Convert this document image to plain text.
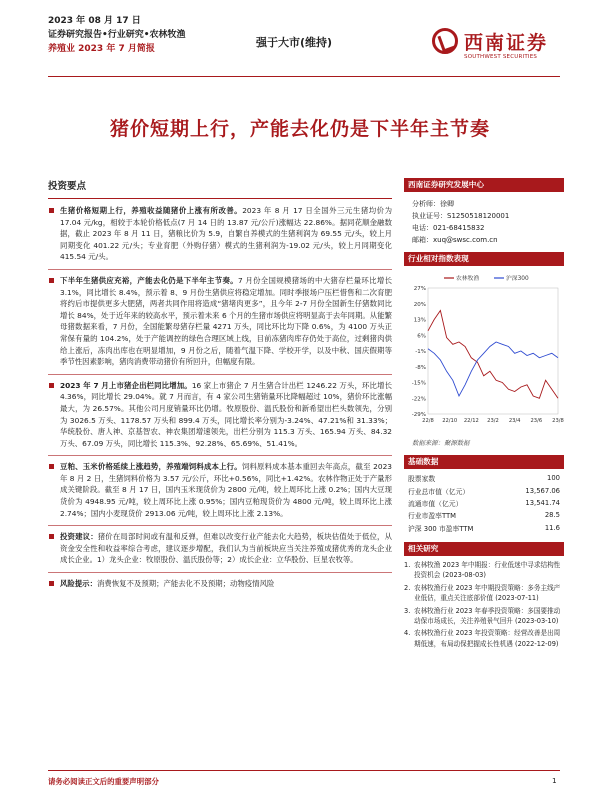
2023 年 08 月 17 日
证券研究报告•行业研究•农林牧渔
养殖业 2023 年 7 月简报	强于大市(维持)	西南证券
SOUTHWEST SECURITIES
猪价短期上行，产能去化仍是下半年主节奏
投资要点
生猪价格短期上行，养殖收益随猪价上涨有所改善。2023 年 8 月 17 日全国外三元生猪均价为 17.04 元/kg，相较于本轮价格低点(7 月 14 日的 13.87 元/公斤)涨幅达 22.86%。据同花顺金融数据，截止 2023 年 8 月 11 日，猪粮比价为 5.9，自繁自养模式的生猪利润为 69.55 元/头，较上月同期变化 401.22 元/头；专业育肥（外购仔猪）模式的生猪利润为-19.02 元/头，较上月同期变化 415.54 元/头。
下半年生猪供应充裕，产能去化仍是下半年主节奏。7 月份全国规模猪场的中大猪存栏量环比增长 3.1%，同比增长 8.4%，预示着 8、9 月份生猪供应将稳定增加。同时季报场户压栏惜售和二次育肥将约后市提供更多大肥猪，两者共同作用将造成“猪堵肉更多”，且今年 2-7 月份全国新生仔猪数同比增长 84%，处于近年来的较高水平，预示着未来 6 个月的生猪市场供应将明显高于去年同期。从能繁母猪数据来看，7 月份，全国能繁母猪存栏量 4271 万头，同比环比均下降 0.6%，为 4100 万头正常保有量的 104.2%，处于产能调控的绿色合理区域上线，目前冻猪肉库存仍处于高位，过剩猪肉供给上涨后，冻肉出库也在明显增加，9 月份之后，随着气温下降、学校开学，以及中秋、国庆假期等季节性因素影响，猪肉消费带动猪价有所回升，但幅度有限。
2023 年 7 月上市猪企出栏同比增加。16 家上市猪企 7 月生猪合计出栏 1246.22 万头，环比增长 4.36%，同比增长 29.04%。就 7 月而言，有 4 家公司生猪销量环比降幅超过 10%，猪价环比涨幅最大，为 26.57%。其他公司月度销量环比仍增。牧原股份、温氏股份和新希望出栏头数领先，分别为 3026.5 万头、1178.57 万头和 899.4 万头，同比增长率分别为-3.24%、47.21%和 31.33%；华统股份、唐人神、京基智农、神农集团增速领先，出栏分别为 115.3 万头、165.94 万头、84.32 万头、67.09 万头，同比增长 115.3%、92.28%、65.69%、51.41%。
豆粕、玉米价格延续上涨趋势，养殖端饲料成本上行。饲料原料成本基本重回去年高点，截至 2023 年 8 月 2 日，生猪饲料价格为 3.57 元/公斤，环比+0.56%，同比+1.42%。农林作物正处于产量形成关键阶段。截至 8 月 17 日，国内玉米现货价为 2800 元/吨，较上周环比上涨 0.2%；国内大豆现货价为 4948.95 元/吨，较上周环比上涨 0.95%；国内豆粕现货价为 4800 元/吨，较上周环比上涨 2.74%；国内小麦现货价 2913.06 元/吨，较上周环比上涨 2.13%。
投资建议：猪价在局部时间或有温和反弹，但难以改变行业产能去化大趋势，板块估值处于低位，从资金安全性和收益率综合考虑，建议逐步增配，我们认为当前板块应当关注养殖成猪优秀的龙头企业成长企业。1）龙头企业：牧原股份、温氏股份等；2）成长企业：立华股份、巨星农牧等。
风险提示：消费恢复不及预期；产能去化不及预期；动物疫情风险
西南证券研究发展中心
分析师：徐卿
执业证号：S1250518120001
电话：021-68415832
邮箱：xuq@swsc.com.cn
行业相对指数表现
27%
20%
13%
6%
-1%
-8%
-15%
-22%
-29%
22/8 22/10 22/12 23/2 23/4 23/6 23/8
农林牧渔	沪深300
数据来源：聚源数据
基础数据
股票家数	100
行业总市值（亿元）	13,567.06
流通市值（亿元）	13,541.74
行业市盈率TTM	28.5
沪深 300 市盈率TTM	11.6
相关研究
1. 农林牧渔 2023 年中期报：行业低迷中寻求结构性投资机会 (2023-08-03)
2. 农林牧渔行业 2023 年中期投资策略：多务主线产业低估，重点关注底部价值 (2023-07-11)
3. 农林牧渔行业 2023 年春季投资策略：多国要推动动保市场成长，关注养殖景气回升 (2023-03-10)
4. 农林牧渔行业 2023 年投资策略：经营改善是出周期低速，布局动保把握成长性机遇 (2022-12-09)
请务必阅读正文后的重要声明部分	1
